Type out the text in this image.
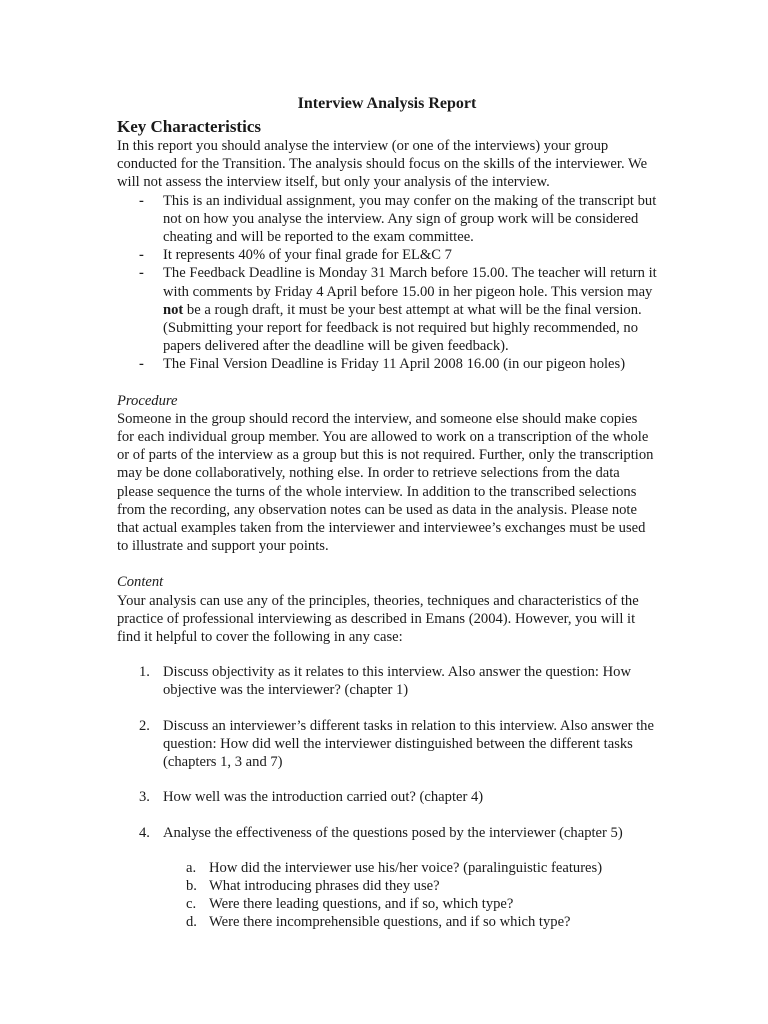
Interview Analysis Report
Key Characteristics

In this report you should analyse the interview (or one of the interviews) your group conducted for the Transition. The analysis should focus on the skills of the interviewer. We will not assess the interview itself, but only your analysis of the interview.

- This is an individual assignment, you may confer on the making of the transcript but not on how you analyse the interview. Any sign of group work will be considered cheating and will be reported to the exam committee.
- It represents 40% of your final grade for EL&C 7
- The Feedback Deadline is Monday 31 March before 15.00. The teacher will return it with comments by Friday 4 April before 15.00 in her pigeon hole. This version may not be a rough draft, it must be your best attempt at what will be the final version. (Submitting your report for feedback is not required but highly recommended, no papers delivered after the deadline will be given feedback).
- The Final Version Deadline is Friday 11 April 2008 16.00 (in our pigeon holes)
Procedure

Someone in the group should record the interview, and someone else should make copies for each individual group member. You are allowed to work on a transcription of the whole or of parts of the interview as a group but this is not required. Further, only the transcription may be done collaboratively, nothing else. In order to retrieve selections from the data please sequence the turns of the whole interview. In addition to the transcribed selections from the recording, any observation notes can be used as data in the analysis. Please note that actual examples taken from the interviewer and interviewee’s exchanges must be used to illustrate and support your points.

Content

Your analysis can use any of the principles, theories, techniques and characteristics of the practice of professional interviewing as described in Emans (2004). However, you will it find it helpful to cover the following in any case:

1. Discuss objectivity as it relates to this interview. Also answer the question: How objective was the interviewer? (chapter 1)
2. Discuss an interviewer’s different tasks in relation to this interview. Also answer the question: How did well the interviewer distinguished between the different tasks (chapters 1, 3 and 7)
3. How well was the introduction carried out? (chapter 4)
4. Analyse the effectiveness of the questions posed by the interviewer (chapter 5)
a. How did the interviewer use his/her voice? (paralinguistic features)
b. What introducing phrases did they use?
c. Were there leading questions, and if so, which type?
d. Were there incomprehensible questions, and if so which type?
